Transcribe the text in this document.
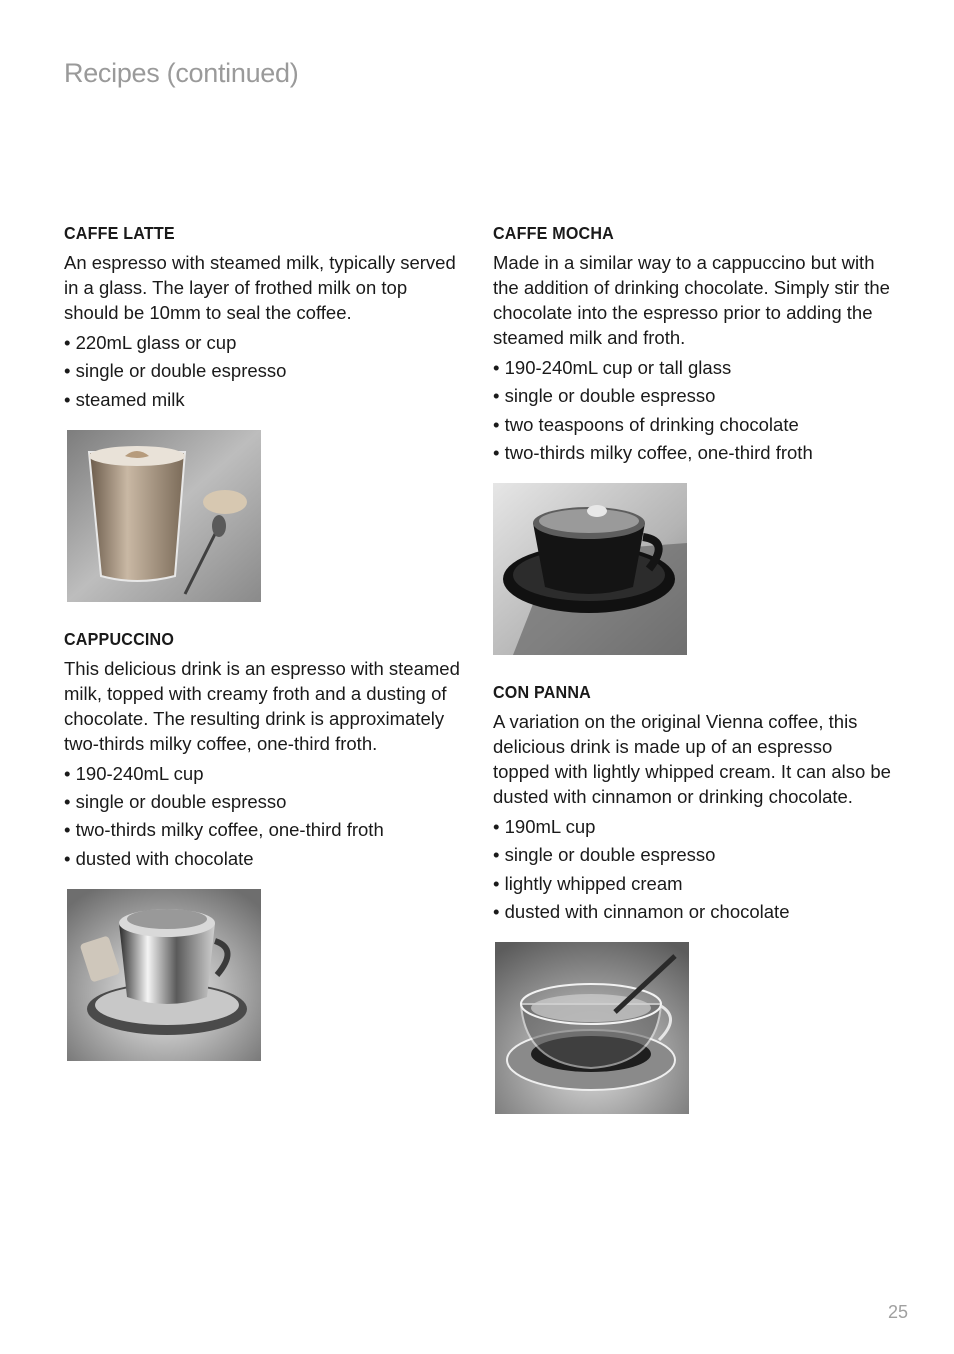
Recipes (continued)
CAFFE LATTE

An espresso with steamed milk, typically served in a glass. The layer of frothed milk on top should be 10mm to seal the coffee.

• 220mL glass or cup
• single or double espresso
• steamed milk
CAPPUCCINO

This delicious drink is an espresso with steamed milk, topped with creamy froth and a dusting of chocolate. The resulting drink is approximately two-thirds milky coffee, one-third froth.

• 190-240mL cup
• single or double espresso
• two-thirds milky coffee, one-third froth
• dusted with chocolate
CAFFE MOCHA

Made in a similar way to a cappuccino but with the addition of drinking chocolate. Simply stir the chocolate into the espresso prior to adding the steamed milk and froth.

• 190-240mL cup or tall glass
• single or double espresso
• two teaspoons of drinking chocolate
• two-thirds milky coffee, one-third froth
CON PANNA

A variation on the original Vienna coffee, this delicious drink is made up of an espresso topped with lightly whipped cream. It can also be dusted with cinnamon or drinking chocolate.

• 190mL cup
• single or double espresso
• lightly whipped cream
• dusted with cinnamon or chocolate
25
